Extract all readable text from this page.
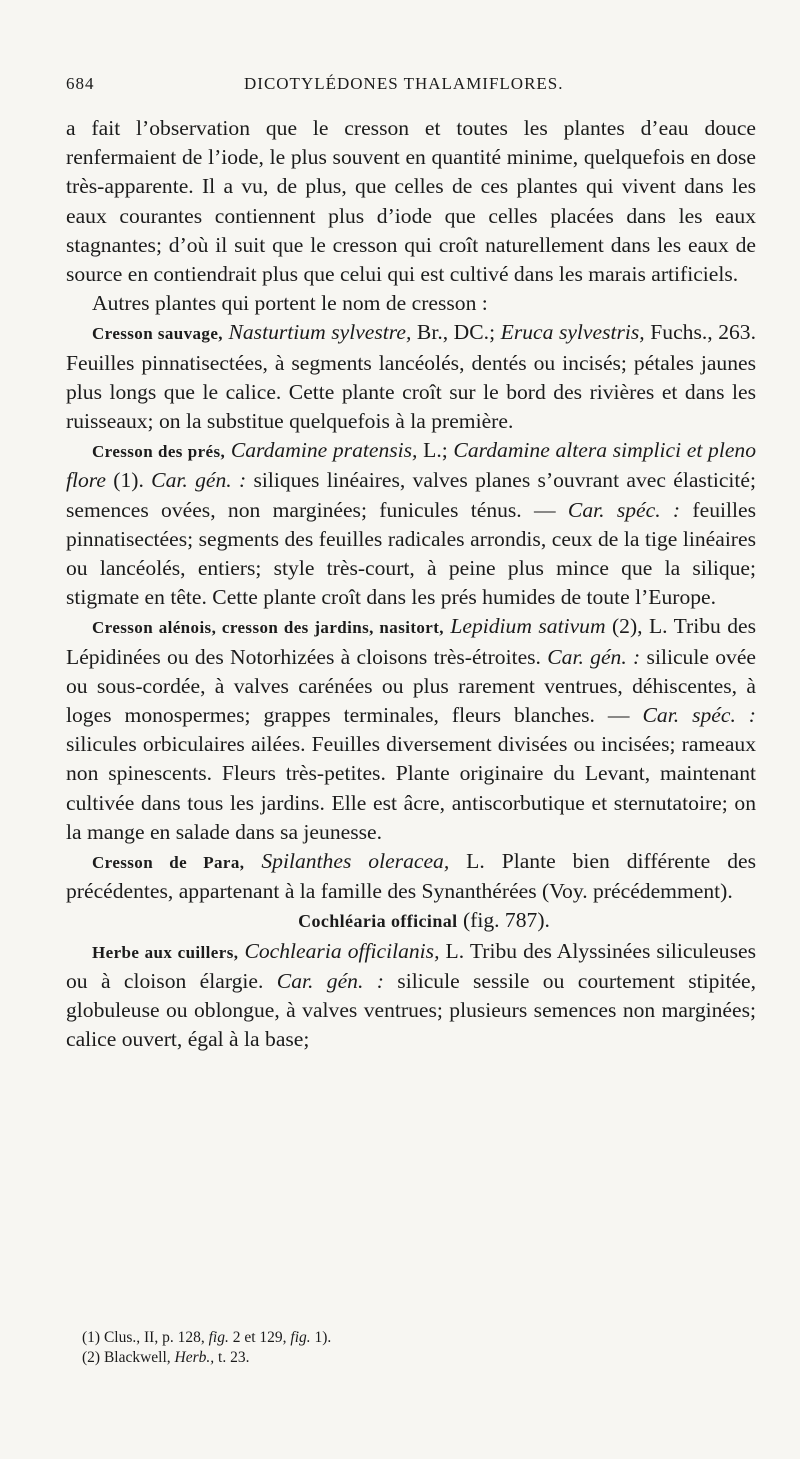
684	DICOTYLÉDONES THALAMIFLORES.

a fait l’observation que le cresson et toutes les plantes d’eau douce renfermaient de l’iode, le plus souvent en quantité minime, quelquefois en dose très-apparente. Il a vu, de plus, que celles de ces plantes qui vivent dans les eaux courantes contiennent plus d’iode que celles placées dans les eaux stagnantes; d’où il suit que le cresson qui croît naturellement dans les eaux de source en contiendrait plus que celui qui est cultivé dans les marais artificiels.

Autres plantes qui portent le nom de cresson :

Cresson sauvage, Nasturtium sylvestre, Br., DC.; Eruca sylvestris, Fuchs., 263. Feuilles pinnatisectées, à segments lancéolés, dentés ou incisés; pétales jaunes plus longs que le calice. Cette plante croît sur le bord des rivières et dans les ruisseaux; on la substitue quelquefois à la première.

Cresson des prés, Cardamine pratensis, L.; Cardamine altera simplici et pleno flore (1). Car. gén. : siliques linéaires, valves planes s’ouvrant avec élasticité; semences ovées, non marginées; funicules ténus. — Car. spéc. : feuilles pinnatisectées; segments des feuilles radicales arrondis, ceux de la tige linéaires ou lancéolés, entiers; style très-court, à peine plus mince que la silique; stigmate en tête. Cette plante croît dans les prés humides de toute l’Europe.

Cresson alénois, cresson des jardins, nasitort, Lepidium sativum (2), L. Tribu des Lépidinées ou des Notorhizées à cloisons très-étroites. Car. gén. : silicule ovée ou sous-cordée, à valves carénées ou plus rarement ventrues, déhiscentes, à loges monospermes; grappes terminales, fleurs blanches. — Car. spéc. : silicules orbiculaires ailées. Feuilles diversement divisées ou incisées; rameaux non spinescents. Fleurs très-petites. Plante originaire du Levant, maintenant cultivée dans tous les jardins. Elle est âcre, antiscorbutique et sternutatoire; on la mange en salade dans sa jeunesse.

Cresson de Para, Spilanthes oleracea, L. Plante bien différente des précédentes, appartenant à la famille des Synanthérées (Voy. précédemment).

Cochléaria officinal (fig. 787).

Herbe aux cuillers, Cochlearia officilanis, L. Tribu des Alyssinées siliculeuses ou à cloison élargie. Car. gén. : silicule sessile ou courtement stipitée, globuleuse ou oblongue, à valves ventrues; plusieurs semences non marginées; calice ouvert, égal à la base;

(1) Clus., II, p. 128, fig. 2 et 129, fig. 1).
(2) Blackwell, Herb., t. 23.
